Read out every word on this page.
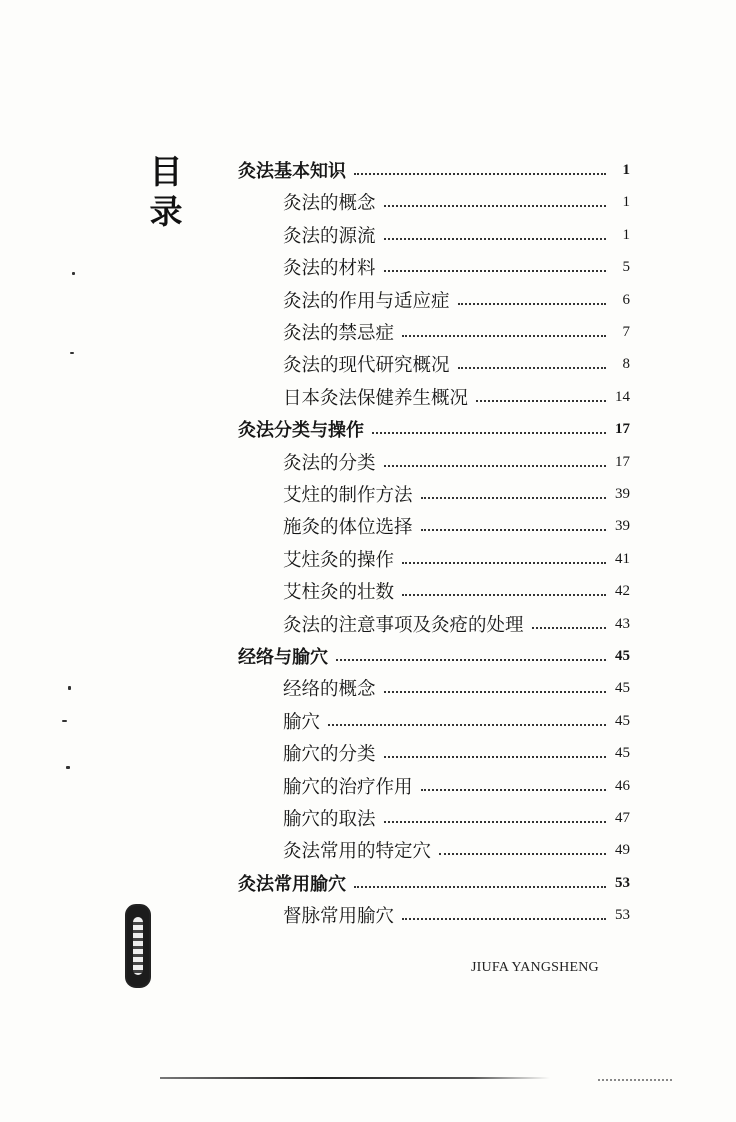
目
录
灸法基本知识	1
灸法的概念	1
灸法的源流	1
灸法的材料	5
灸法的作用与适应症	6
灸法的禁忌症	7
灸法的现代研究概况	8
日本灸法保健养生概况	14
灸法分类与操作	17
灸法的分类	17
艾炷的制作方法	39
施灸的体位选择	39
艾炷灸的操作	41
艾柱灸的壮数	42
灸法的注意事项及灸疮的处理	43
经络与腧穴	45
经络的概念	45
腧穴	45
腧穴的分类	45
腧穴的治疗作用	46
腧穴的取法	47
灸法常用的特定穴	49
灸法常用腧穴	53
督脉常用腧穴	53
JIUFA YANGSHENG
